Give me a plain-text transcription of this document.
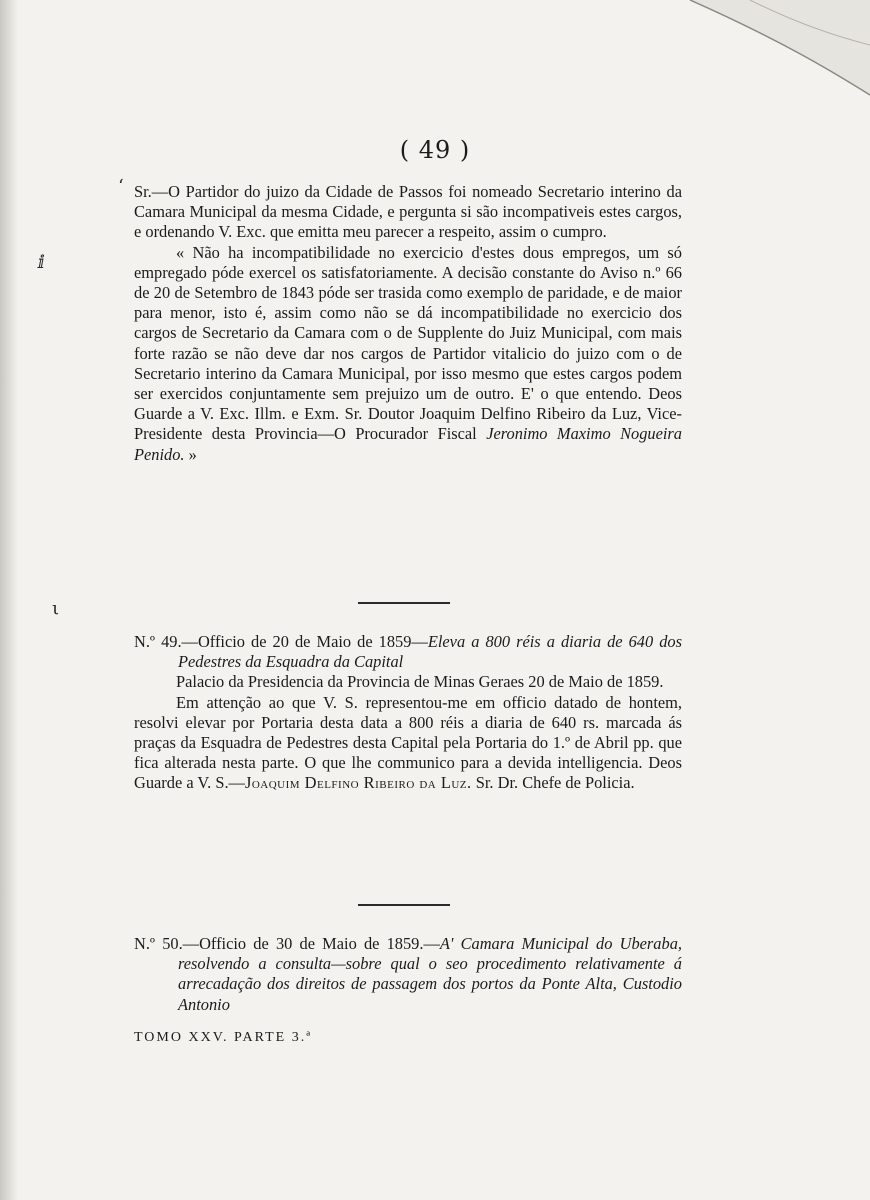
‘
ⅈ
ι
( 49 )

Sr.—O Partidor do juizo da Cidade de Passos foi nomeado Secretario interino da Camara Municipal da mesma Cidade, e pergunta si são incompativeis estes cargos, e ordenando V. Exc. que emitta meu parecer a respeito, assim o cumpro.

« Não ha incompatibilidade no exercicio d'estes dous empregos, um só empregado póde exercel os satisfatoriamente. A decisão constante do Aviso n.º 66 de 20 de Setembro de 1843 póde ser trasida como exemplo de paridade, e de maior para menor, isto é, assim como não se dá incompatibilidade no exercicio dos cargos de Secretario da Camara com o de Supplente do Juiz Municipal, com mais forte razão se não deve dar nos cargos de Partidor vitalicio do juizo com o de Secretario interino da Camara Municipal, por isso mesmo que estes cargos podem ser exercidos conjuntamente sem prejuizo um de outro. E' o que entendo. Deos Guarde a V. Exc. Illm. e Exm. Sr. Doutor Joaquim Delfino Ribeiro da Luz, Vice-Presidente desta Provincia—O Procurador Fiscal Jeronimo Maximo Nogueira Penido. »

N.º 49.—Officio de 20 de Maio de 1859—Eleva a 800 réis a diaria de 640 dos Pedestres da Esquadra da Capital

Palacio da Presidencia da Provincia de Minas Geraes 20 de Maio de 1859.

Em attenção ao que V. S. representou-me em officio datado de hontem, resolvi elevar por Portaria desta data a 800 réis a diaria de 640 rs. marcada ás praças da Esquadra de Pedestres desta Capital pela Portaria do 1.º de Abril pp. que fica alterada nesta parte. O que lhe communico para a devida intelligencia. Deos Guarde a V. S.—Joaquim Delfino Ribeiro da Luz. Sr. Dr. Chefe de Policia.

N.º 50.—Officio de 30 de Maio de 1859.—A' Camara Municipal do Uberaba, resolvendo a consulta—sobre qual o seo procedimento relativamente á arrecadação dos direitos de passagem dos portos da Ponte Alta, Custodio Antonio

TOMO XXV. PARTE 3.ª
